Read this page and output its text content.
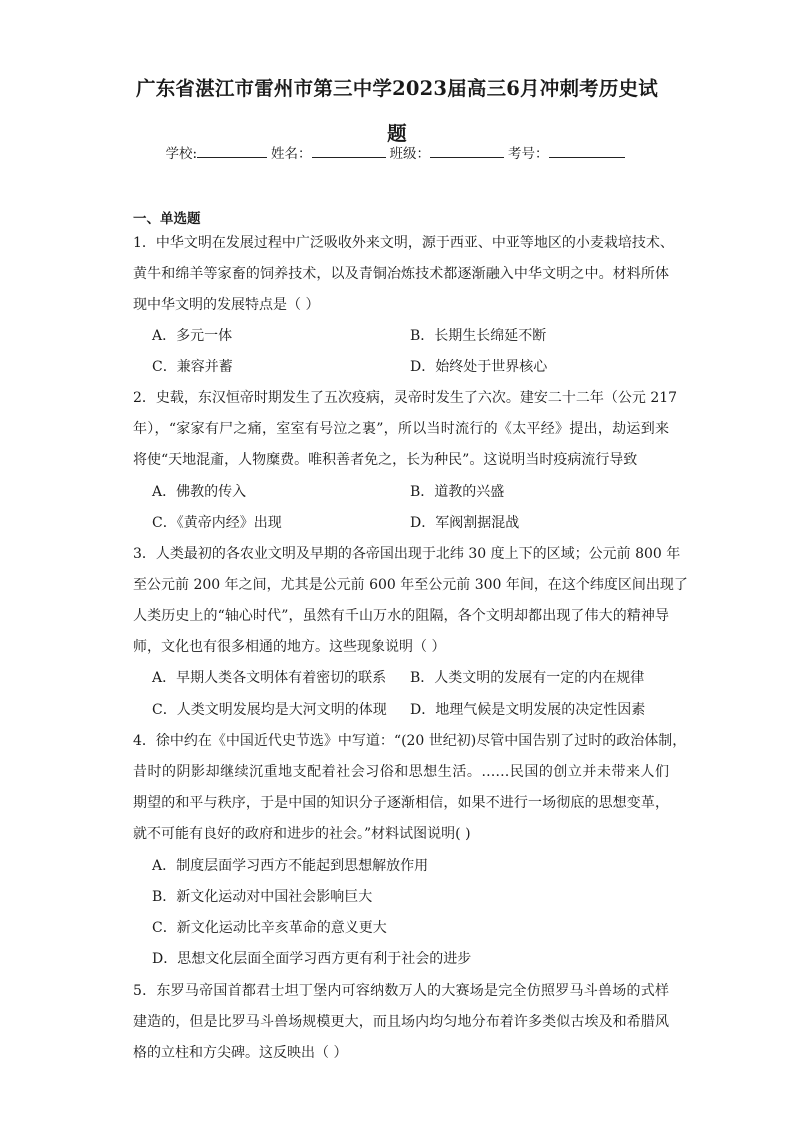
广东省湛江市雷州市第三中学2023届高三6月冲刺考历史试
题
学校:	姓名：	班级：	考号：
一、单选题
1．中华文明在发展过程中广泛吸收外来文明，源于西亚、中亚等地区的小麦栽培技术、
黄牛和绵羊等家畜的饲养技术，以及青铜冶炼技术都逐渐融入中华文明之中。材料所体
现中华文明的发展特点是（ ）
A．多元一体	B．长期生长绵延不断
C．兼容并蓄	D．始终处于世界核心
2．史载，东汉恒帝时期发生了五次疫病，灵帝时发生了六次。建安二十二年（公元 217
年），“家家有尸之痛，室室有号泣之裏”，所以当时流行的《太平经》提出，劫运到来
将使“天地混齑，人物糜费。唯积善者免之，长为种民”。这说明当时疫病流行导致
A．佛教的传入	B．道教的兴盛
C．《黄帝内经》出现	D．军阀割据混战
3．人类最初的各农业文明及早期的各帝国出现于北纬 30 度上下的区域；公元前 800 年
至公元前 200 年之间，尤其是公元前 600 年至公元前 300 年间，在这个纬度区间出现了
人类历史上的“轴心时代”，虽然有千山万水的阻隔，各个文明却都出现了伟大的精神导
师，文化也有很多相通的地方。这些现象说明（ ）
A．早期人类各文明体有着密切的联系 B．人类文明的发展有一定的内在规律
C．人类文明发展均是大河文明的体现 D．地理气候是文明发展的决定性因素
4．徐中约在《中国近代史节选》中写道：“(20 世纪初)尽管中国告别了过时的政治体制，
昔时的阴影却继续沉重地支配着社会习俗和思想生活。……民国的创立并未带来人们
期望的和平与秩序，于是中国的知识分子逐渐相信，如果不进行一场彻底的思想变革，
就不可能有良好的政府和进步的社会。”材料试图说明( )
A．制度层面学习西方不能起到思想解放作用
B．新文化运动对中国社会影响巨大
C．新文化运动比辛亥革命的意义更大
D．思想文化层面全面学习西方更有利于社会的进步
5．东罗马帝国首都君士坦丁堡内可容纳数万人的大赛场是完全仿照罗马斗兽场的式样
建造的，但是比罗马斗兽场规模更大，而且场内均匀地分布着许多类似古埃及和希腊风
格的立柱和方尖碑。这反映出（ ）
